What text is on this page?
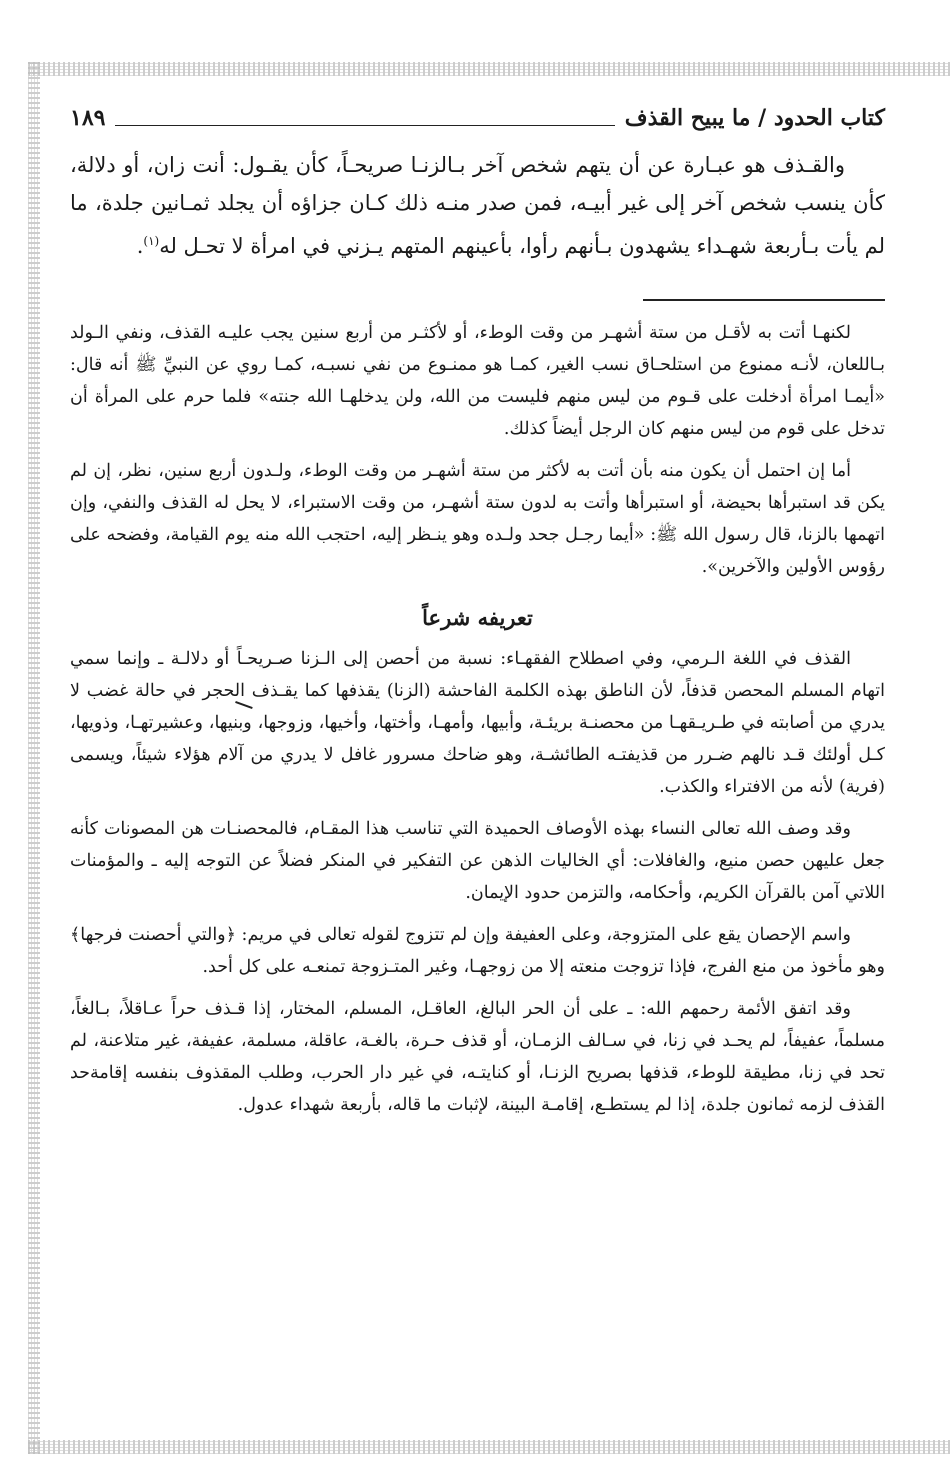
كتاب الحدود / ما يبيح القذف
١٨٩

والقـذف هو عبـارة عن أن يتهم شخص آخر بـالزنـا صريحـاً، كأن يقـول: أنت زان، أو دلالة، كأن ينسب شخص آخر إلى غير أبيـه، فمن صدر منـه ذلك كـان جزاؤه أن يجلد ثمـانين جلدة، ما لم يأت بـأربعة شهـداء يشهدون بـأنهم رأوا، بأعينهم المتهم يـزني في امرأة لا تحـل له$^{(١)}$.

لكنهـا أتت به لأقـل من ستة أشهـر من وقت الوطء، أو لأكثـر من أربع سنين يجب عليـه القذف، ونفي الـولد بـاللعان، لأنـه ممنوع من استلحـاق نسب الغير، كمـا هو ممنـوع من نفي نسبـه، كمـا روي عن النبيِّ ﷺ أنه قال: «أيمـا امرأة أدخلت على قـوم من ليس منهم فليست من الله، ولن يدخلهـا الله جنته» فلما حرم على المرأة أن تدخل على قوم من ليس منهم كان الرجل أيضاً كذلك.

أما إن احتمل أن يكون منه بأن أتت به لأكثر من ستة أشهـر من وقت الوطء، ولـدون أربع سنين، نظر، إن لم يكن قد استبرأها بحيضة، أو استبرأها وأتت به لدون ستة أشهـر، من وقت الاستبراء، لا يحل له القذف والنفي، وإن اتهمها بالزنا، قال رسول الله ﷺ: «أيما رجـل جحد ولـده وهو ينـظر إليه، احتجب الله منه يوم القيامة، وفضحه على رؤوس الأولين والآخرين».

تعريفه شرعاً

القذف في اللغة الـرمي، وفي اصطلاح الفقهـاء: نسبة من أحصن إلى الـزنا صـريحـاً أو دلالـة ـ وإنما سمي اتهام المسلم المحصن قذفاً، لأن الناطق بهذه الكلمة الفاحشة (الزنا) يقذفها كما يقـذف الحجر في حالة غضب لا يدري من أصابته في طـريـقهـا من محصنـة بريئـة، وأبيها، وأمهـا، وأختها، وأخيها، وزوجها، وبنيها، وعشيرتهـا، وذويها، كـل أولئك قـد نالهم ضـرر من قذيفتـه الطائشـة، وهو ضاحك مسرور غافل لا يدري من آلام هؤلاء شيئاً، ويسمى (فرية) لأنه من الافتراء والكذب.

وقد وصف الله تعالى النساء بهذه الأوصاف الحميدة التي تناسب هذا المقـام، فالمحصنـات هن المصونات كأنه جعل عليهن حصن منيع، والغافلات: أي الخاليات الذهن عن التفكير في المنكر فضلاً عن التوجه إليه ـ والمؤمنات اللاتي آمن بالقرآن الكريم، وأحكامه، والتزمن حدود الإيمان.

واسم الإحصان يقع على المتزوجة، وعلى العفيفة وإن لم تتزوج لقوله تعالى في مريم: ﴿والتي أحصنت فرجها﴾ وهو مأخوذ من منع الفرج، فإذا تزوجت منعته إلا من زوجهـا، وغير المتـزوجة تمنعـه على كل أحد.

وقد اتفق الأئمة رحمهم الله: ـ على أن الحر البالغ، العاقـل، المسلم، المختار، إذا قـذف حراً عـاقلاً، بـالغاً، مسلماً، عفيفاً، لم يحـد في زنا، في سـالف الزمـان، أو قذف حـرة، بالغـة، عاقلة، مسلمة، عفيفة، غير متلاعنة، لم تحد في زنا، مطيقة للوطء، قذفها بصريح الزنـا، أو كنايتـه، في غير دار الحرب، وطلب المقذوف بنفسه إقامةحد القذف لزمه ثمانون جلدة، إذا لم يستطـع، إقامـة البينة، لإثبات ما قاله، بأربعة شهداء عدول.
